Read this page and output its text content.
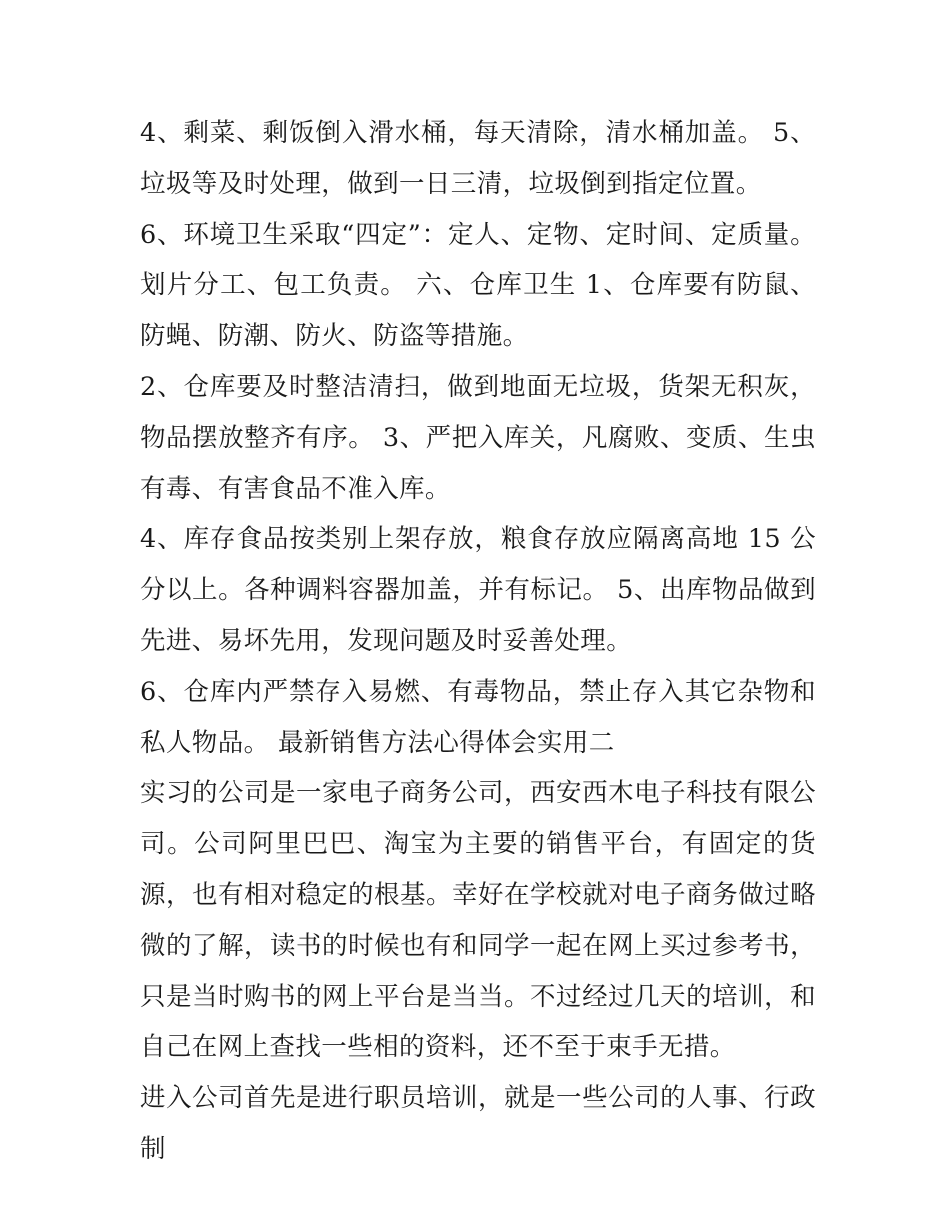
4、剩菜、剩饭倒入滑水桶，每天清除，清水桶加盖。 5、垃圾等及时处理，做到一日三清，垃圾倒到指定位置。

6、环境卫生采取“四定”：定人、定物、定时间、定质量。划片分工、包工负责。 六、仓库卫生 1、仓库要有防鼠、防蝇、防潮、防火、防盗等措施。

2、仓库要及时整洁清扫，做到地面无垃圾，货架无积灰，物品摆放整齐有序。 3、严把入库关，凡腐败、变质、生虫有毒、有害食品不准入库。

4、库存食品按类别上架存放，粮食存放应隔离高地 15 公分以上。各种调料容器加盖，并有标记。 5、出库物品做到先进、易坏先用，发现问题及时妥善处理。

6、仓库内严禁存入易燃、有毒物品，禁止存入其它杂物和私人物品。 最新销售方法心得体会实用二

实习的公司是一家电子商务公司，西安西木电子科技有限公司。公司阿里巴巴、淘宝为主要的销售平台，有固定的货源，也有相对稳定的根基。幸好在学校就对电子商务做过略微的了解，读书的时候也有和同学一起在网上买过参考书，只是当时购书的网上平台是当当。不过经过几天的培训，和自己在网上查找一些相的资料，还不至于束手无措。

进入公司首先是进行职员培训，就是一些公司的人事、行政制
